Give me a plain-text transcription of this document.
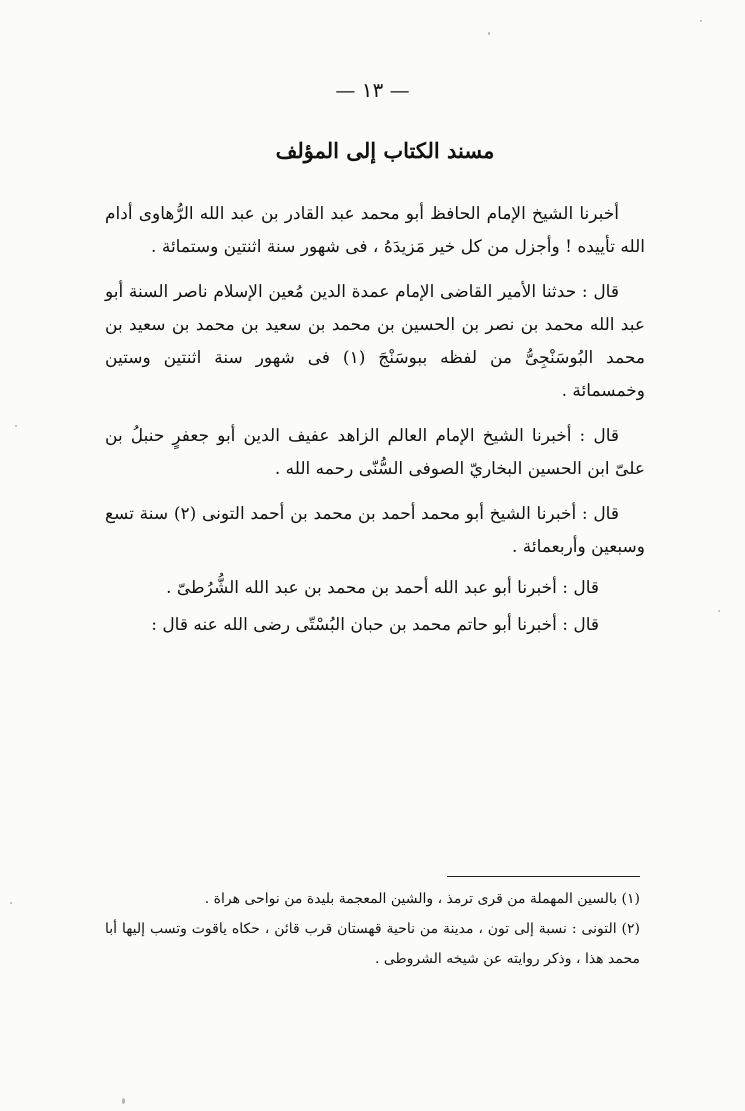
— ١٣ —
مسند الكتاب إلى المؤلف

أخبرنا الشيخ الإمام الحافظ أبو محمد عبد القادر بن عبد الله الرُّهاوى أدام الله تأييده ! وأجزل من كل خير مَزيدَهُ ، فى شهور سنة اثنتين وستمائة .

قال : حدثنا الأمير القاضى الإمام عمدة الدين مُعين الإسلام ناصر السنة أبو عبد الله محمد بن نصر بن الحسين بن محمد بن سعيد بن محمد بن سعيد بن محمد البُوسَنْجِىُّ من لفظه ببوسَنْجَ (١) فى شهور سنة اثنتين وستين وخمسمائة .

قال : أخبرنا الشيخ الإمام العالم الزاهد عفيف الدين أبو جعفرٍ حنبلُ بن علىّ ابن الحسين البخاريّ الصوفى السُّنّى رحمه الله .

قال : أخبرنا الشيخ أبو محمد أحمد بن محمد بن أحمد التونى (٢) سنة تسع وسبعين وأربعمائة .

قال : أخبرنا أبو عبد الله أحمد بن محمد بن عبد الله الشُّرُطىّ .

قال : أخبرنا أبو حاتم محمد بن حبان البُسْتّى رضى الله عنه قال :

(١) بالسين المهملة من قرى ترمذ ، والشين المعجمة بليدة من نواحى هراة .

(٢) التونى : نسبة إلى تون ، مدينة من ناحية قهستان قرب قائن ، حكاه ياقوت وتسب إليها أبا محمد هذا ، وذكر روايته عن شيخه الشروطى .
